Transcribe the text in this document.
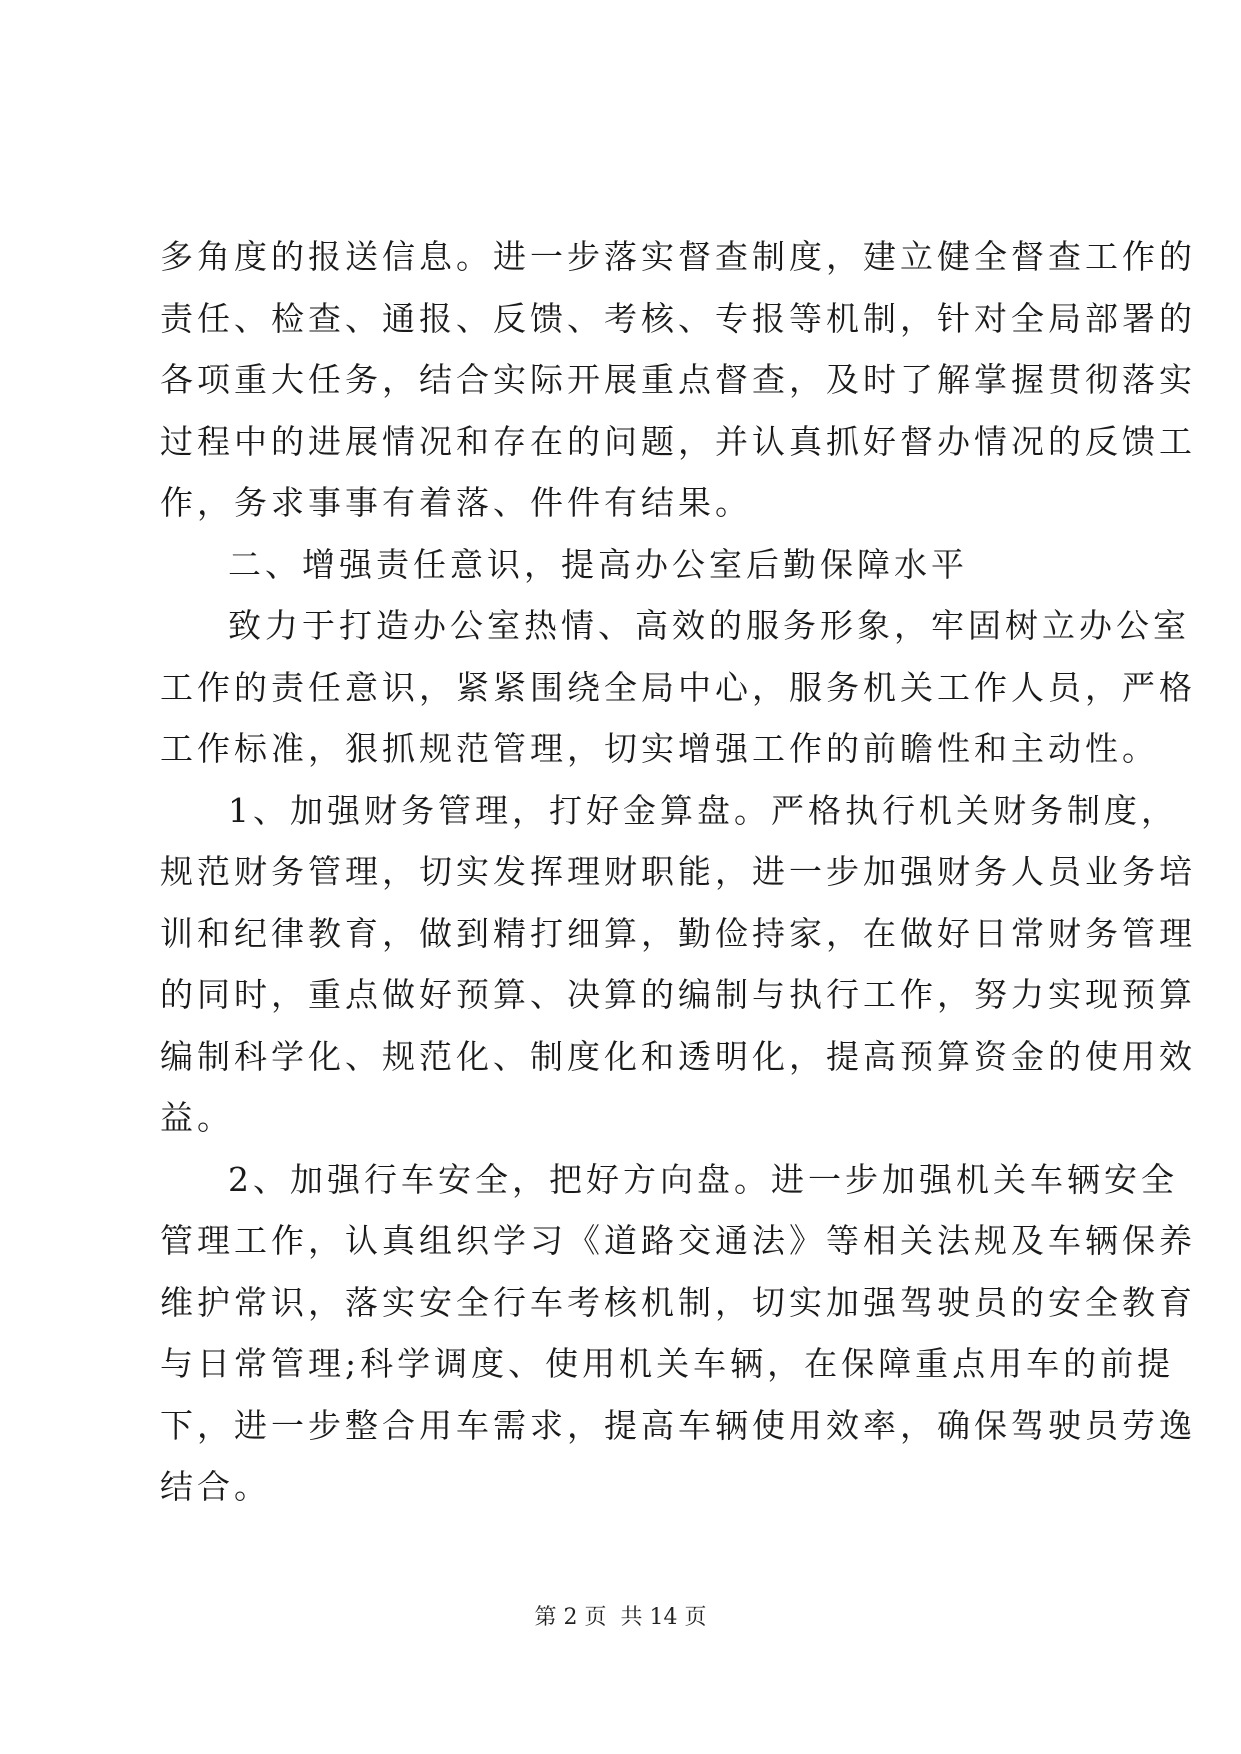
多角度的报送信息。进一步落实督查制度，建立健全督查工作的
责任、检查、通报、反馈、考核、专报等机制，针对全局部署的
各项重大任务，结合实际开展重点督查，及时了解掌握贯彻落实
过程中的进展情况和存在的问题，并认真抓好督办情况的反馈工
作，务求事事有着落、件件有结果。
二、增强责任意识，提高办公室后勤保障水平
致力于打造办公室热情、高效的服务形象，牢固树立办公室
工作的责任意识，紧紧围绕全局中心，服务机关工作人员，严格
工作标准，狠抓规范管理，切实增强工作的前瞻性和主动性。
1、加强财务管理，打好金算盘。严格执行机关财务制度，
规范财务管理，切实发挥理财职能，进一步加强财务人员业务培
训和纪律教育，做到精打细算，勤俭持家，在做好日常财务管理
的同时，重点做好预算、决算的编制与执行工作，努力实现预算
编制科学化、规范化、制度化和透明化，提高预算资金的使用效
益。
2、加强行车安全，把好方向盘。进一步加强机关车辆安全
管理工作，认真组织学习《道路交通法》等相关法规及车辆保养
维护常识，落实安全行车考核机制，切实加强驾驶员的安全教育
与日常管理;科学调度、使用机关车辆，在保障重点用车的前提
下，进一步整合用车需求，提高车辆使用效率，确保驾驶员劳逸
结合。
第 2 页  共 14 页
